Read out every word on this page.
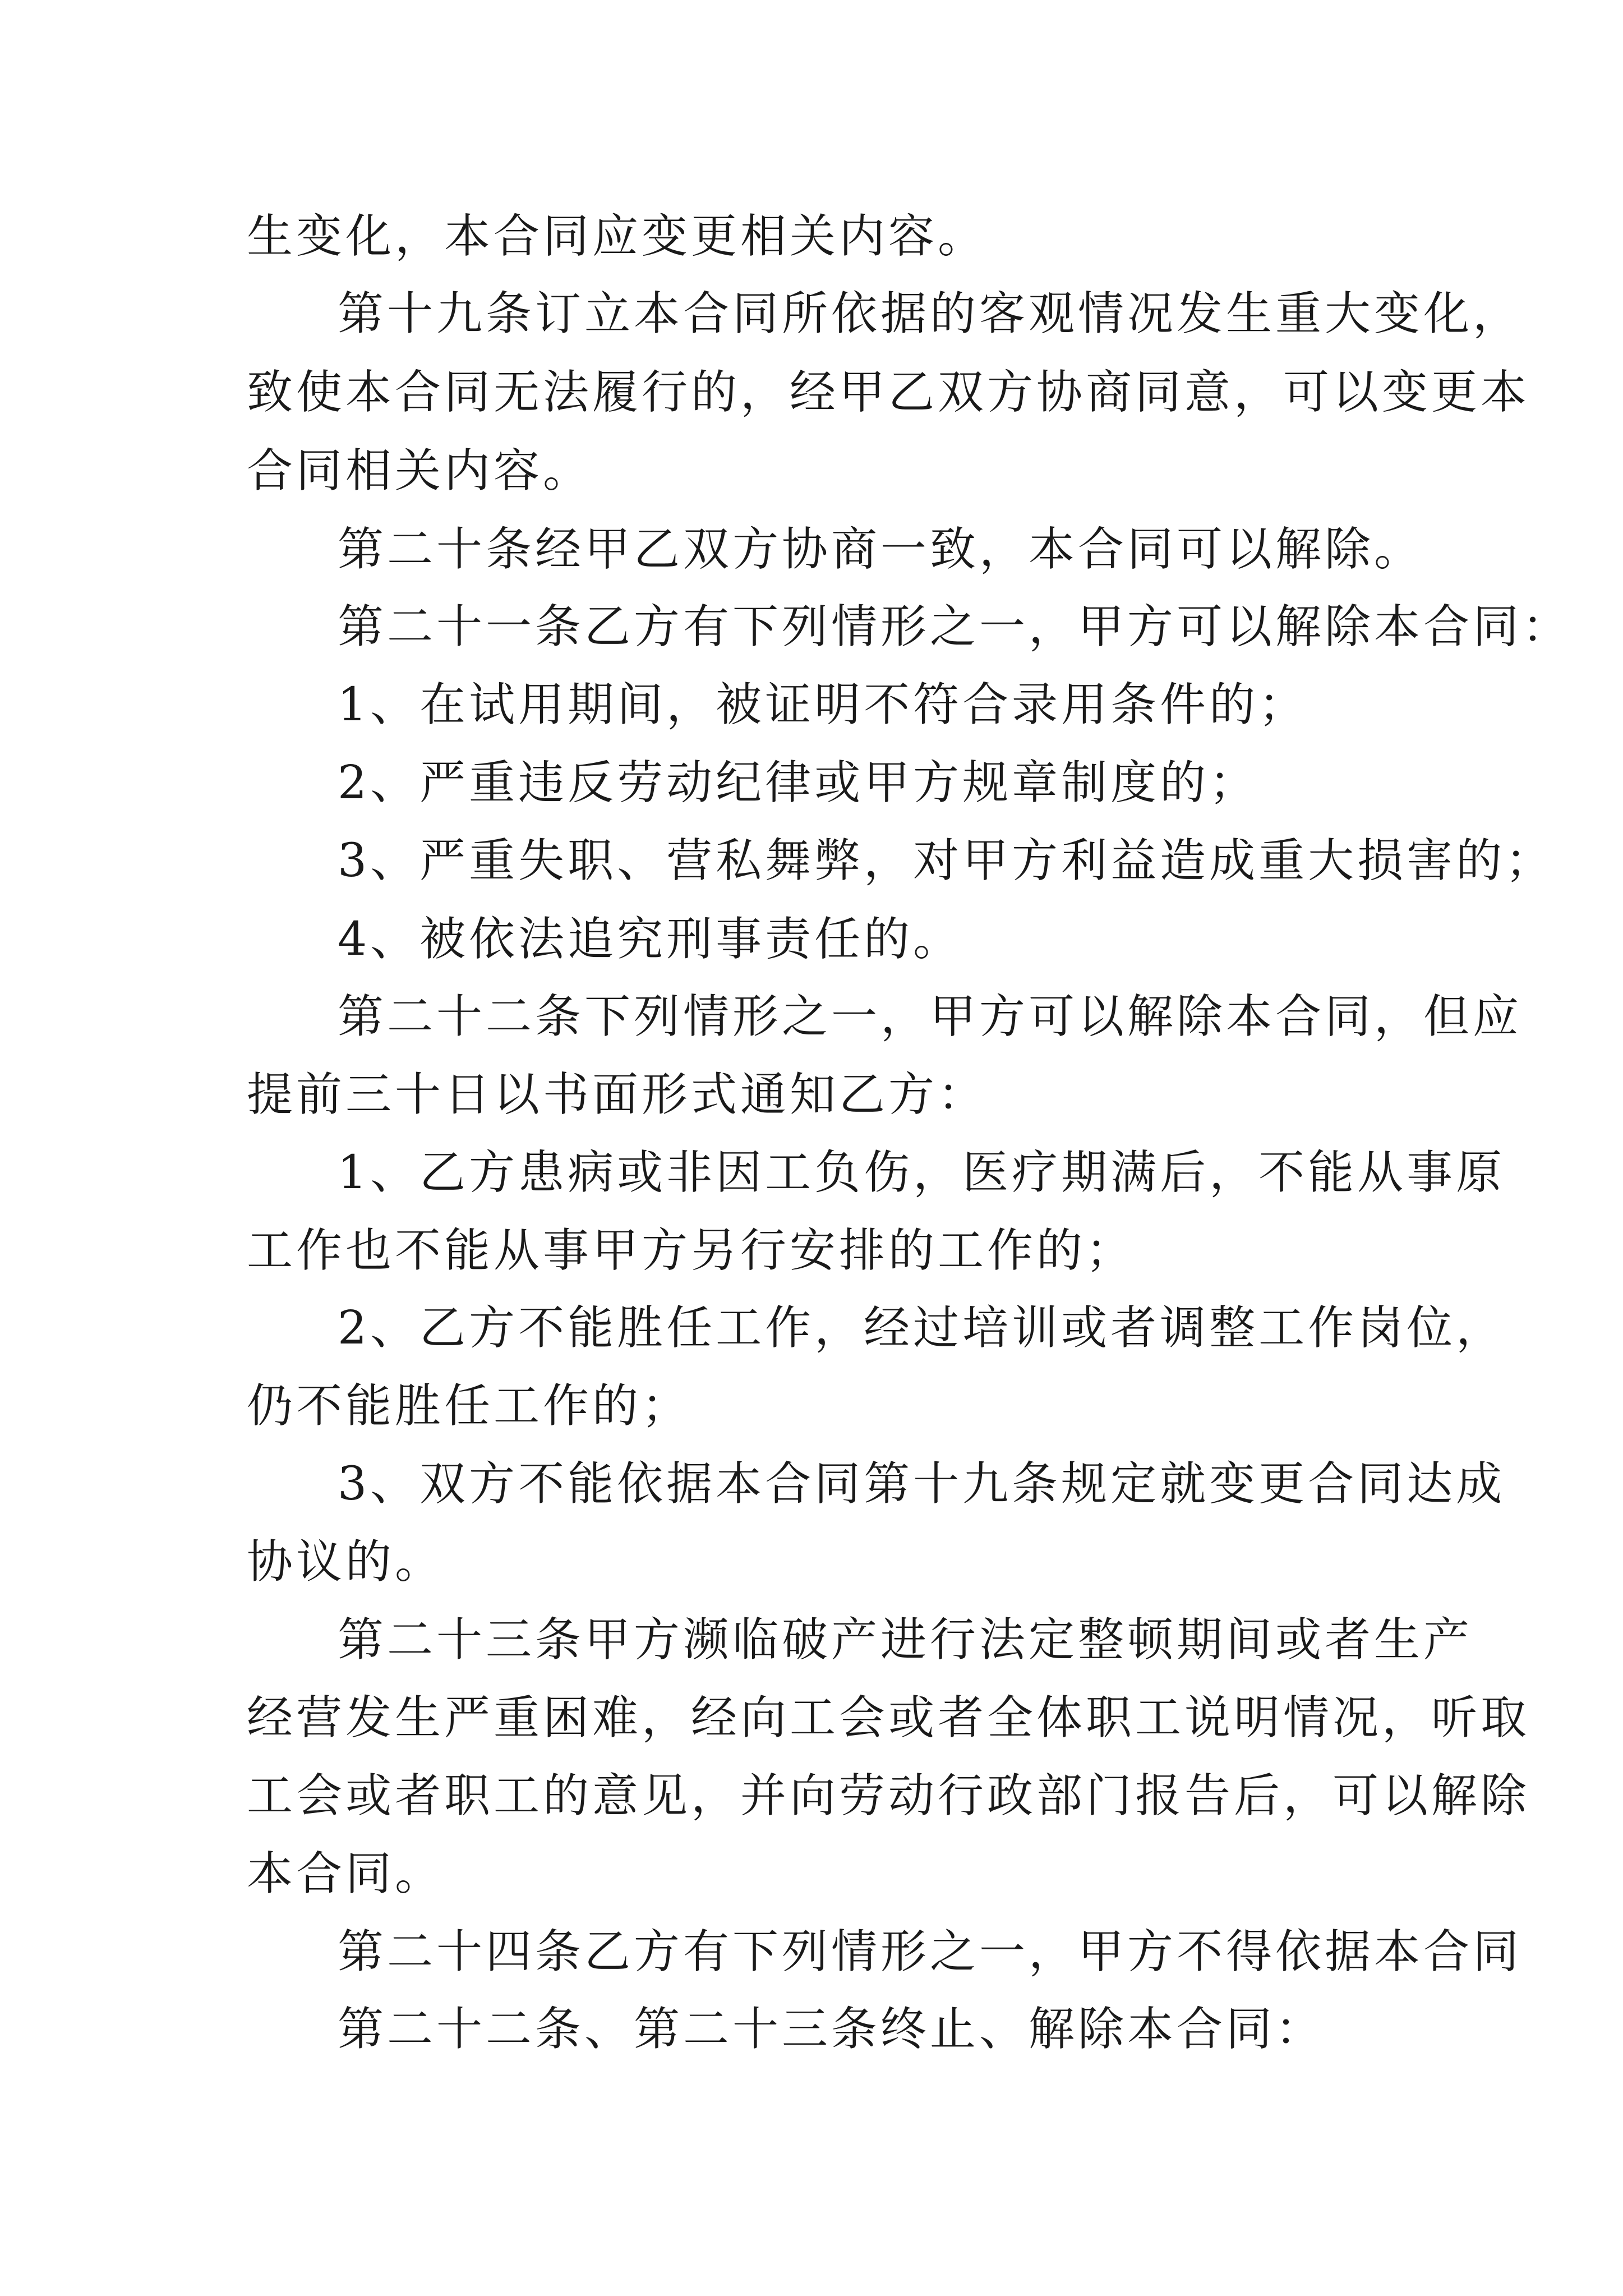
生变化，本合同应变更相关内容。
第十九条订立本合同所依据的客观情况发生重大变化，
致使本合同无法履行的，经甲乙双方协商同意，可以变更本
合同相关内容。
第二十条经甲乙双方协商一致，本合同可以解除。
第二十一条乙方有下列情形之一，甲方可以解除本合同：
1、在试用期间，被证明不符合录用条件的；
2、严重违反劳动纪律或甲方规章制度的；
3、严重失职、营私舞弊，对甲方利益造成重大损害的；
4、被依法追究刑事责任的。
第二十二条下列情形之一，甲方可以解除本合同，但应
提前三十日以书面形式通知乙方：
1、乙方患病或非因工负伤，医疗期满后，不能从事原
工作也不能从事甲方另行安排的工作的；
2、乙方不能胜任工作，经过培训或者调整工作岗位，
仍不能胜任工作的；
3、双方不能依据本合同第十九条规定就变更合同达成
协议的。
第二十三条甲方濒临破产进行法定整顿期间或者生产
经营发生严重困难，经向工会或者全体职工说明情况，听取
工会或者职工的意见，并向劳动行政部门报告后，可以解除
本合同。
第二十四条乙方有下列情形之一，甲方不得依据本合同
第二十二条、第二十三条终止、解除本合同：
